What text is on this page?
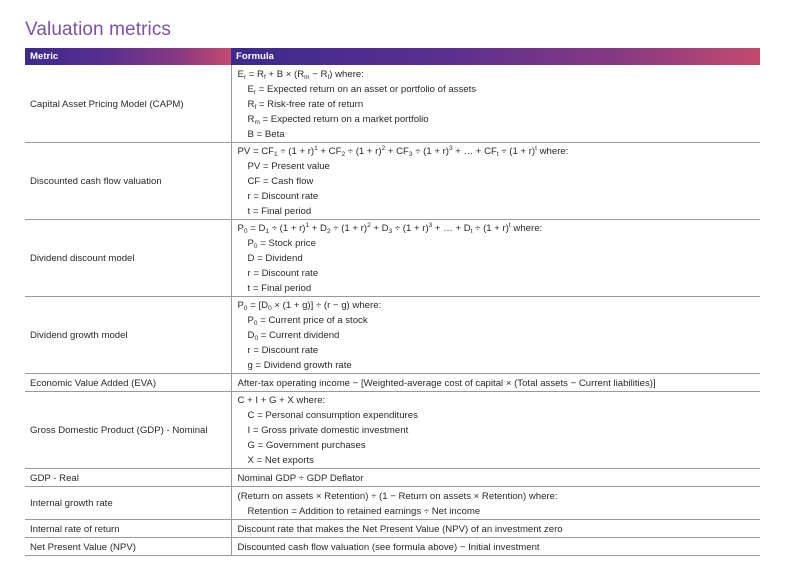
Valuation metrics
Metric	Formula
Capital Asset Pricing Model (CAPM)	$E_r = R_f + B \times (R_m - R_f)$ where:
$E_r$ = Expected return on an asset or portfolio of assets
$R_f$ = Risk-free rate of return
$R_m$ = Expected return on a market portfolio
B = Beta

Discounted cash flow valuation	PV = $CF_1 \div (1 + r)^1 + CF_2 \div (1 + r)^2 + CF_3 \div (1 + r)^3$ + … + $CF_t \div (1 + r)^t$ where:
PV = Present value
CF = Cash flow
r = Discount rate
t = Final period

Dividend discount model	$P_0 = D_1 \div (1 + r)^1 + D_2 \div (1 + r)^2 + D_3 \div (1 + r)^3$ + … + $D_t \div (1 + r)^t$ where:
$P_0$ = Stock price
D = Dividend
r = Discount rate
t = Final period

Dividend growth model	$P_0 = [D_0 \times (1 + g)] \div (r - g)$ where:
$P_0$ = Current price of a stock
$D_0$ = Current dividend
r = Discount rate
g = Dividend growth rate

Economic Value Added (EVA)	After-tax operating income − [Weighted-average cost of capital × (Total assets − Current liabilities)]

Gross Domestic Product (GDP) - Nominal	C + I + G + X where:
C = Personal consumption expenditures
I = Gross private domestic investment
G = Government purchases
X = Net exports

GDP - Real	Nominal GDP ÷ GDP Deflator

Internal growth rate	(Return on assets × Retention) ÷ (1 − Return on assets × Retention) where:
Retention = Addition to retained earnings ÷ Net income

Internal rate of return	Discount rate that makes the Net Present Value (NPV) of an investment zero

Net Present Value (NPV)	Discounted cash flow valuation (see formula above) − Initial investment
